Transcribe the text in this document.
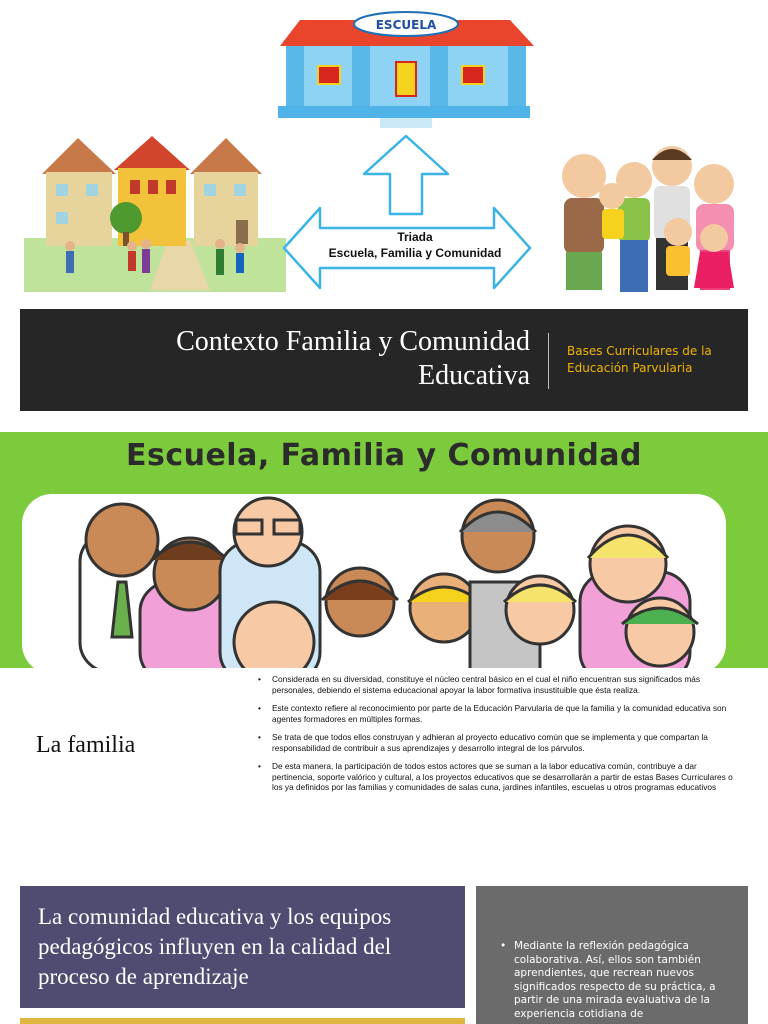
ESCUELA
Triada
Escuela, Familia y Comunidad
Contexto Familia y Comunidad
Educativa
Bases Curriculares de la Educación Parvularia
Escuela, Familia y Comunidad
La familia
• Considerada en su diversidad, constituye el núcleo central básico en el cual el niño encuentran sus significados más personales, debiendo el sistema educacional apoyar la labor formativa insustituible que ésta realiza.
• Este contexto refiere al reconocimiento por parte de la Educación Parvularia de que la familia y la comunidad educativa son agentes formadores en múltiples formas.
• Se trata de que todos ellos construyan y adhieran al proyecto educativo común que se implementa y que compartan la responsabilidad de contribuir a sus aprendizajes y desarrollo integral de los párvulos.
• De esta manera, la participación de todos estos actores que se suman a la labor educativa común, contribuye a dar pertinencia, soporte valórico y cultural, a los proyectos educativos que se desarrollarán a partir de estas Bases Curriculares o los ya definidos por las familias y comunidades de salas cuna, jardines infantiles, escuelas u otros programas educativos
La comunidad educativa y los equipos pedagógicos influyen en la calidad del proceso de aprendizaje
• Mediante la reflexión pedagógica colaborativa. Así, ellos son también aprendientes, que recrean nuevos significados respecto de su práctica, a partir de una mirada evaluativa de la experiencia cotidiana de
